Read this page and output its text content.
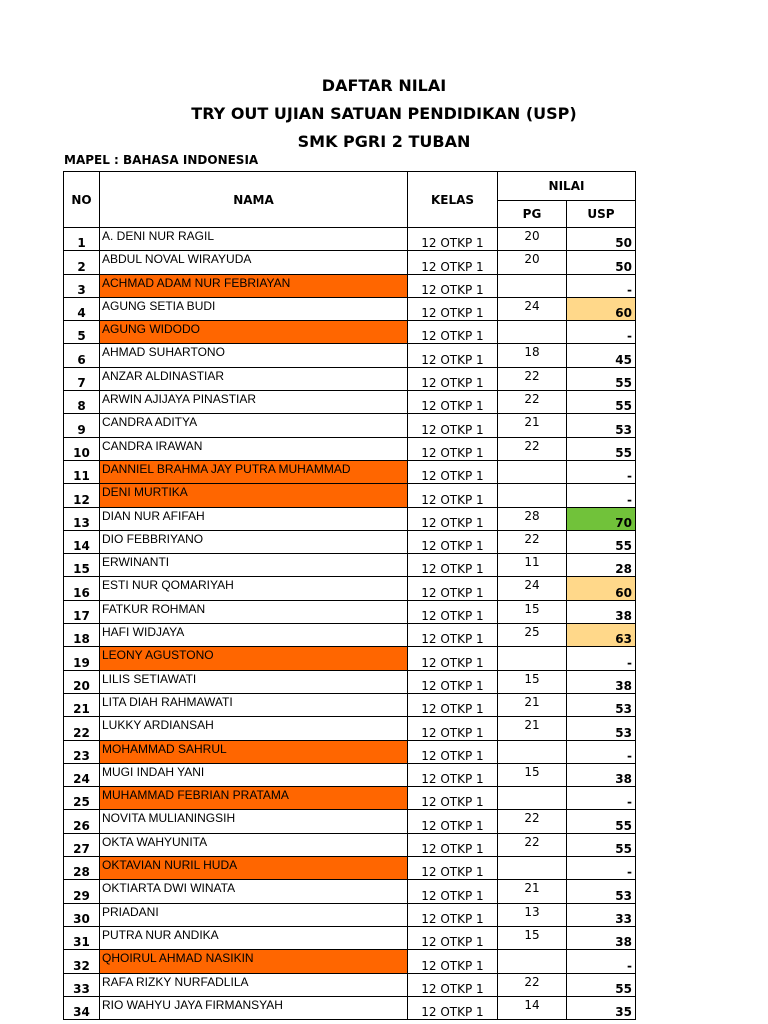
DAFTAR NILAI
TRY OUT UJIAN SATUAN PENDIDIKAN (USP)
SMK PGRI 2 TUBAN
MAPEL : BAHASA INDONESIA
NO	NAMA	KELAS	NILAI	
			PG	USP
1	A. DENI NUR RAGIL	12 OTKP 1	20	50
2	ABDUL NOVAL WIRAYUDA	12 OTKP 1	20	50
3	ACHMAD ADAM NUR FEBRIAYAN	12 OTKP 1		-
4	AGUNG SETIA BUDI	12 OTKP 1	24	60
5	AGUNG WIDODO	12 OTKP 1		-
6	AHMAD SUHARTONO	12 OTKP 1	18	45
7	ANZAR ALDINASTIAR	12 OTKP 1	22	55
8	ARWIN AJIJAYA PINASTIAR	12 OTKP 1	22	55
9	CANDRA ADITYA	12 OTKP 1	21	53
10	CANDRA IRAWAN	12 OTKP 1	22	55
11	DANNIEL BRAHMA JAY PUTRA MUHAMMAD	12 OTKP 1		-
12	DENI MURTIKA	12 OTKP 1		-
13	DIAN NUR AFIFAH	12 OTKP 1	28	70
14	DIO FEBBRIYANO	12 OTKP 1	22	55
15	ERWINANTI	12 OTKP 1	11	28
16	ESTI NUR QOMARIYAH	12 OTKP 1	24	60
17	FATKUR ROHMAN	12 OTKP 1	15	38
18	HAFI WIDJAYA	12 OTKP 1	25	63
19	LEONY AGUSTONO	12 OTKP 1		-
20	LILIS SETIAWATI	12 OTKP 1	15	38
21	LITA DIAH RAHMAWATI	12 OTKP 1	21	53
22	LUKKY ARDIANSAH	12 OTKP 1	21	53
23	MOHAMMAD SAHRUL	12 OTKP 1		-
24	MUGI INDAH YANI	12 OTKP 1	15	38
25	MUHAMMAD FEBRIAN PRATAMA	12 OTKP 1		-
26	NOVITA MULIANINGSIH	12 OTKP 1	22	55
27	OKTA WAHYUNITA	12 OTKP 1	22	55
28	OKTAVIAN NURIL HUDA	12 OTKP 1		-
29	OKTIARTA DWI WINATA	12 OTKP 1	21	53
30	PRIADANI	12 OTKP 1	13	33
31	PUTRA NUR ANDIKA	12 OTKP 1	15	38
32	QHOIRUL AHMAD NASIKIN	12 OTKP 1		-
33	RAFA RIZKY NURFADLILA	12 OTKP 1	22	55
34	RIO WAHYU JAYA FIRMANSYAH	12 OTKP 1	14	35
